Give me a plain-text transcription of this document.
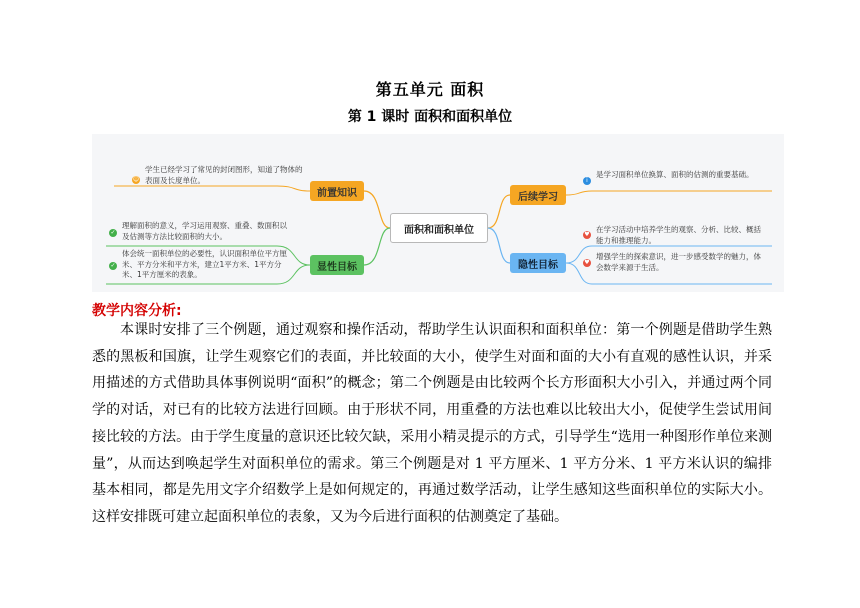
第五单元 面积
第 1 课时 面积和面积单位
面积和面积单位
前置知识
显性目标
后续学习
隐性目标
☺
学生已经学习了常见的封闭图形，知道了物体的表面及长度单位。
✓
理解面积的意义，学习运用观察、重叠、数面积以及估测等方法比较面积的大小。
✓
体会统一面积单位的必要性，认识面积单位平方厘米、平方分米和平方米，建立1平方米、1平方分米、1平方厘米的表象。
i
是学习面积单位换算、面积的估测的重要基础。
♥
在学习活动中培养学生的观察、分析、比较、概括能力和推理能力。
♥
增强学生的探索意识，进一步感受数学的魅力，体会数学来源于生活。
教学内容分析:
本课时安排了三个例题，通过观察和操作活动，帮助学生认识面积和面积单位：第一个例题是借助学生熟悉的黑板和国旗，让学生观察它们的表面，并比较面的大小，使学生对面和面的大小有直观的感性认识，并采用描述的方式借助具体事例说明“面积”的概念；第二个例题是由比较两个长方形面积大小引入，并通过两个同学的对话，对已有的比较方法进行回顾。由于形状不同，用重叠的方法也难以比较出大小，促使学生尝试用间接比较的方法。由于学生度量的意识还比较欠缺，采用小精灵提示的方式，引导学生“选用一种图形作单位来测量”，从而达到唤起学生对面积单位的需求。第三个例题是对 1 平方厘米、1 平方分米、1 平方米认识的编排基本相同，都是先用文字介绍数学上是如何规定的，再通过数学活动，让学生感知这些面积单位的实际大小。这样安排既可建立起面积单位的表象，又为今后进行面积的估测奠定了基础。
